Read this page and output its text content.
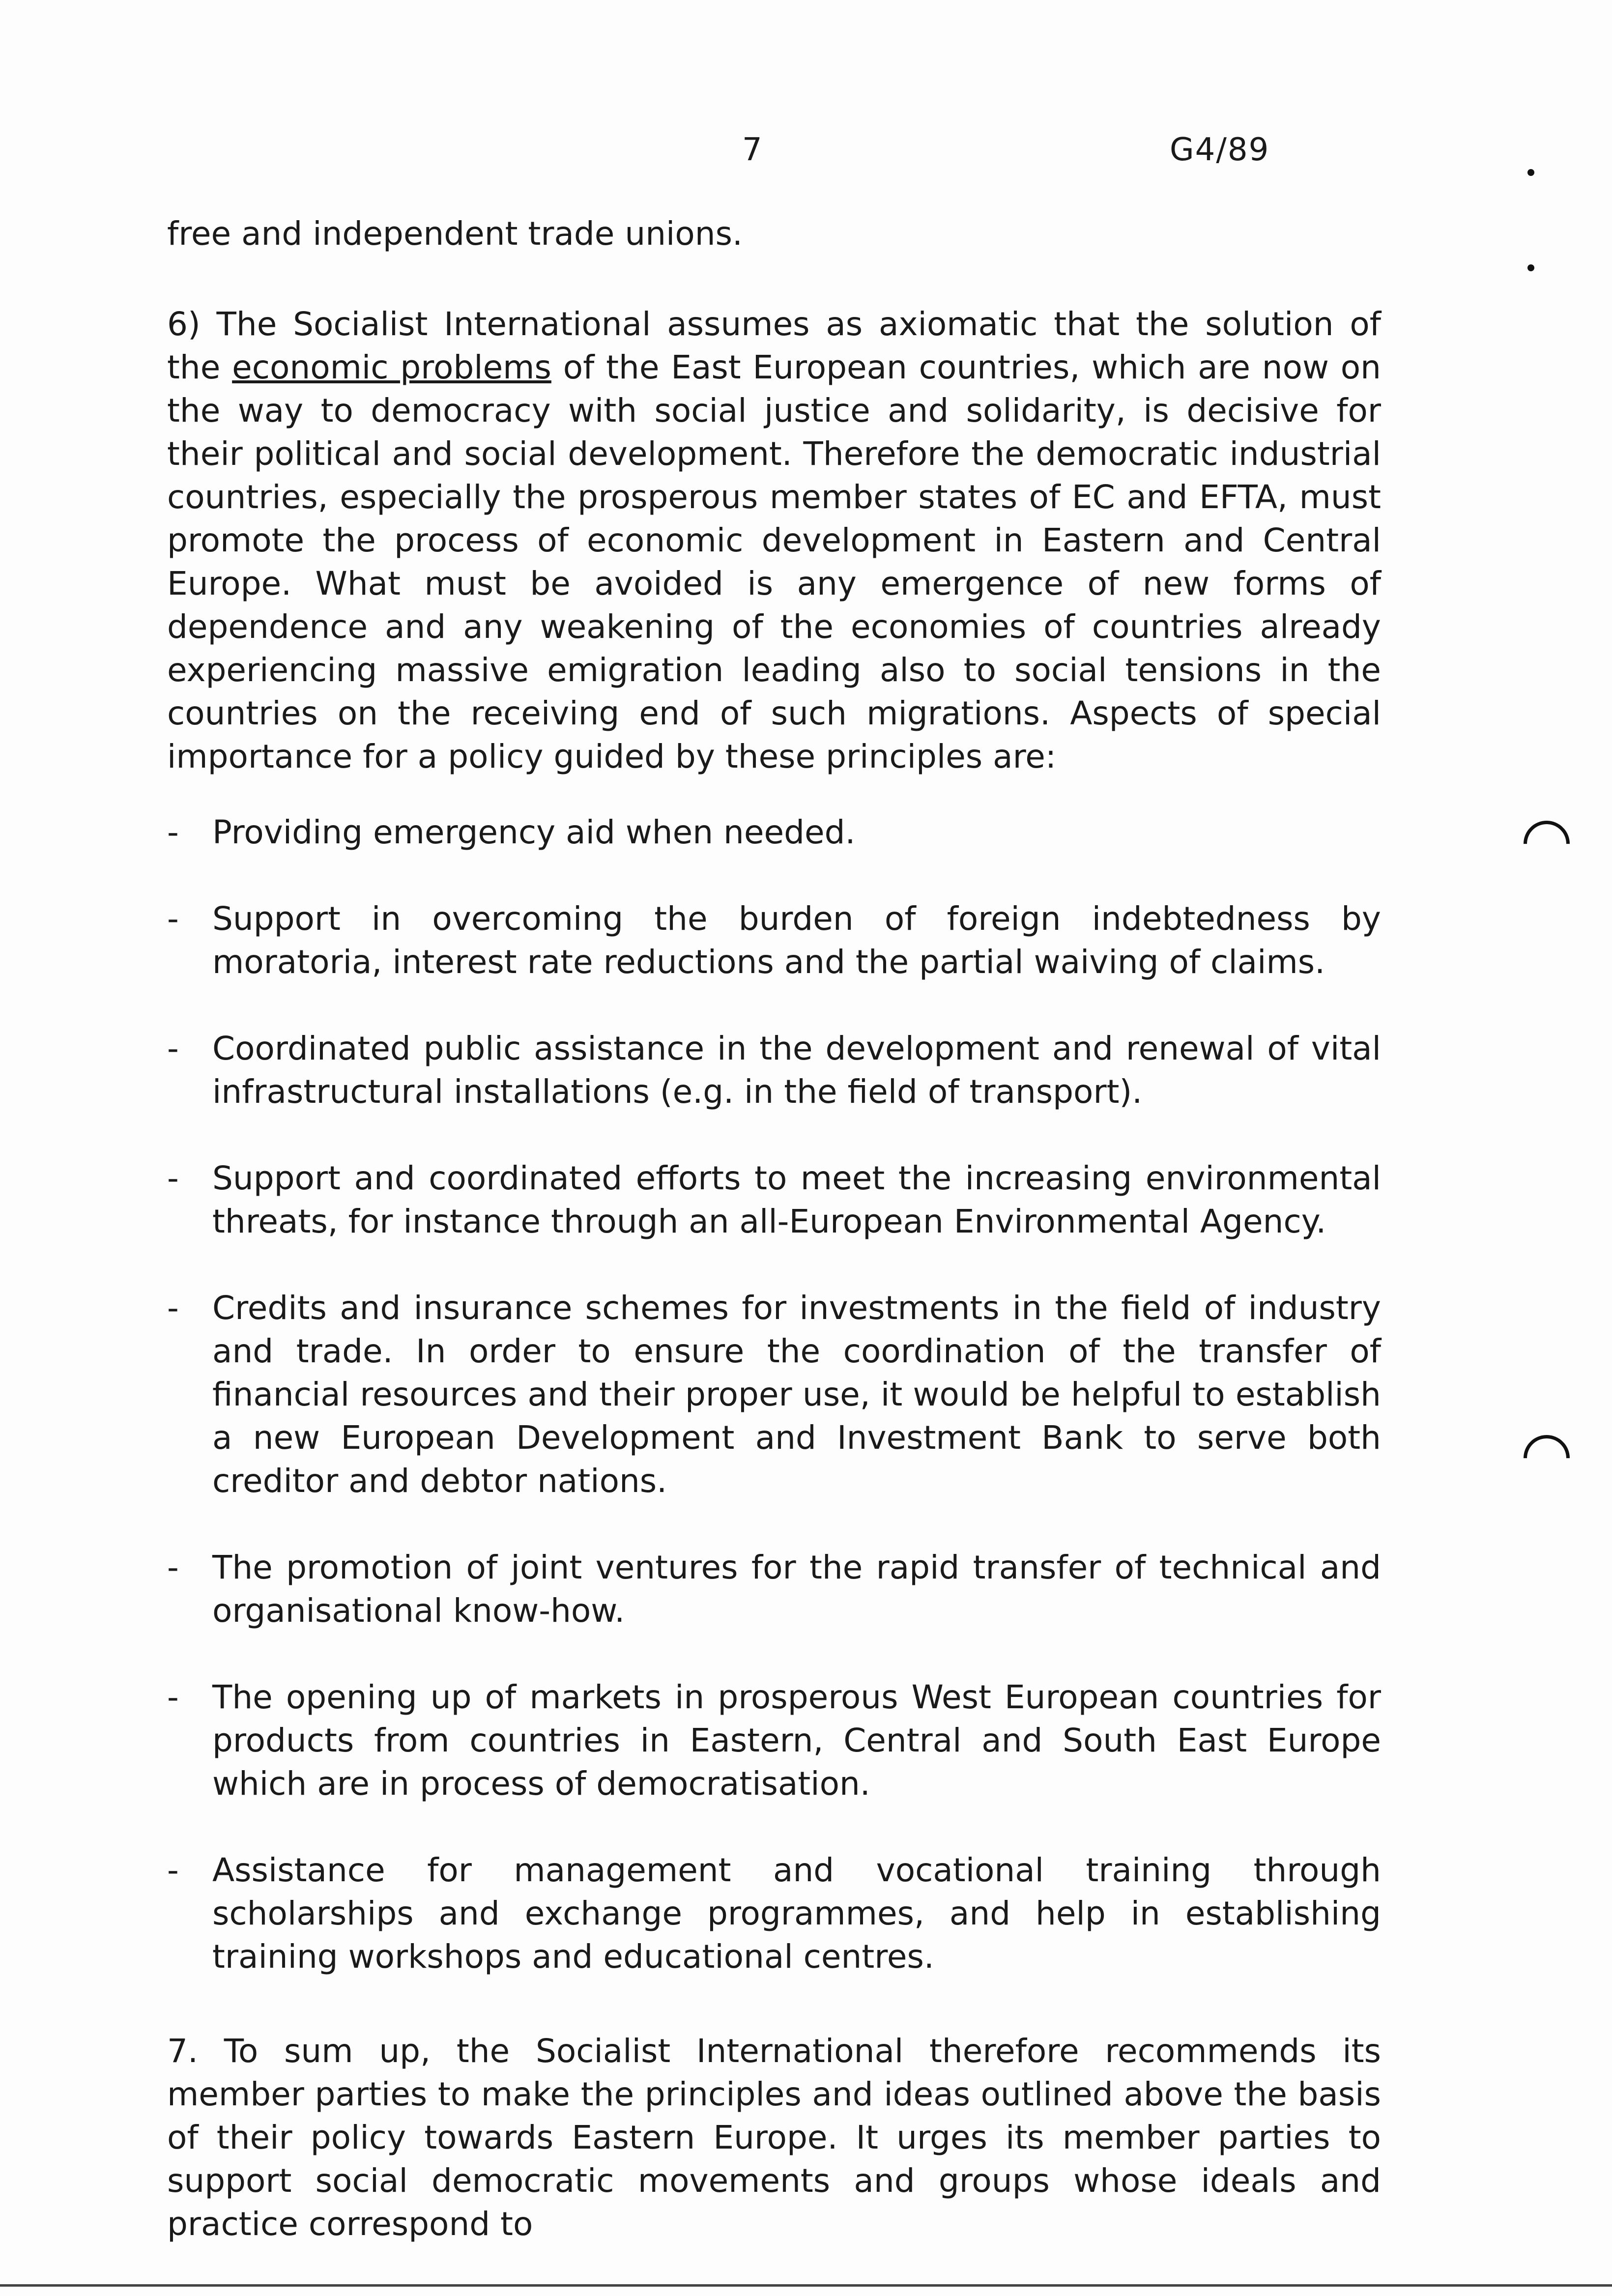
7	G4/89
free and independent trade unions.
6) The Socialist International assumes as axiomatic that the solution of the economic problems of the East European countries, which are now on the way to democracy with social justice and solidarity, is decisive for their political and social development. Therefore the democratic industrial countries, especially the prosperous member states of EC and EFTA, must promote the process of economic development in Eastern and Central Europe. What must be avoided is any emergence of new forms of dependence and any weakening of the economies of countries already experiencing massive emigration leading also to social tensions in the countries on the receiving end of such migrations. Aspects of special importance for a policy guided by these principles are:
- Providing emergency aid when needed.
- Support in overcoming the burden of foreign indebtedness by moratoria, interest rate reductions and the partial waiving of claims.
- Coordinated public assistance in the development and renewal of vital infrastructural installations (e.g. in the field of transport).
- Support and coordinated efforts to meet the increasing environmental threats, for instance through an all-European Environmental Agency.
- Credits and insurance schemes for investments in the field of industry and trade. In order to ensure the coordination of the transfer of financial resources and their proper use, it would be helpful to establish a new European Development and Investment Bank to serve both creditor and debtor nations.
- The promotion of joint ventures for the rapid transfer of technical and organisational know-how.
- The opening up of markets in prosperous West European countries for products from countries in Eastern, Central and South East Europe which are in process of democratisation.
- Assistance for management and vocational training through scholarships and exchange programmes, and help in establishing training workshops and educational centres.
7. To sum up, the Socialist International therefore recommends its member parties to make the principles and ideas outlined above the basis of their policy towards Eastern Europe. It urges its member parties to support social democratic movements and groups whose ideals and practice correspond to
